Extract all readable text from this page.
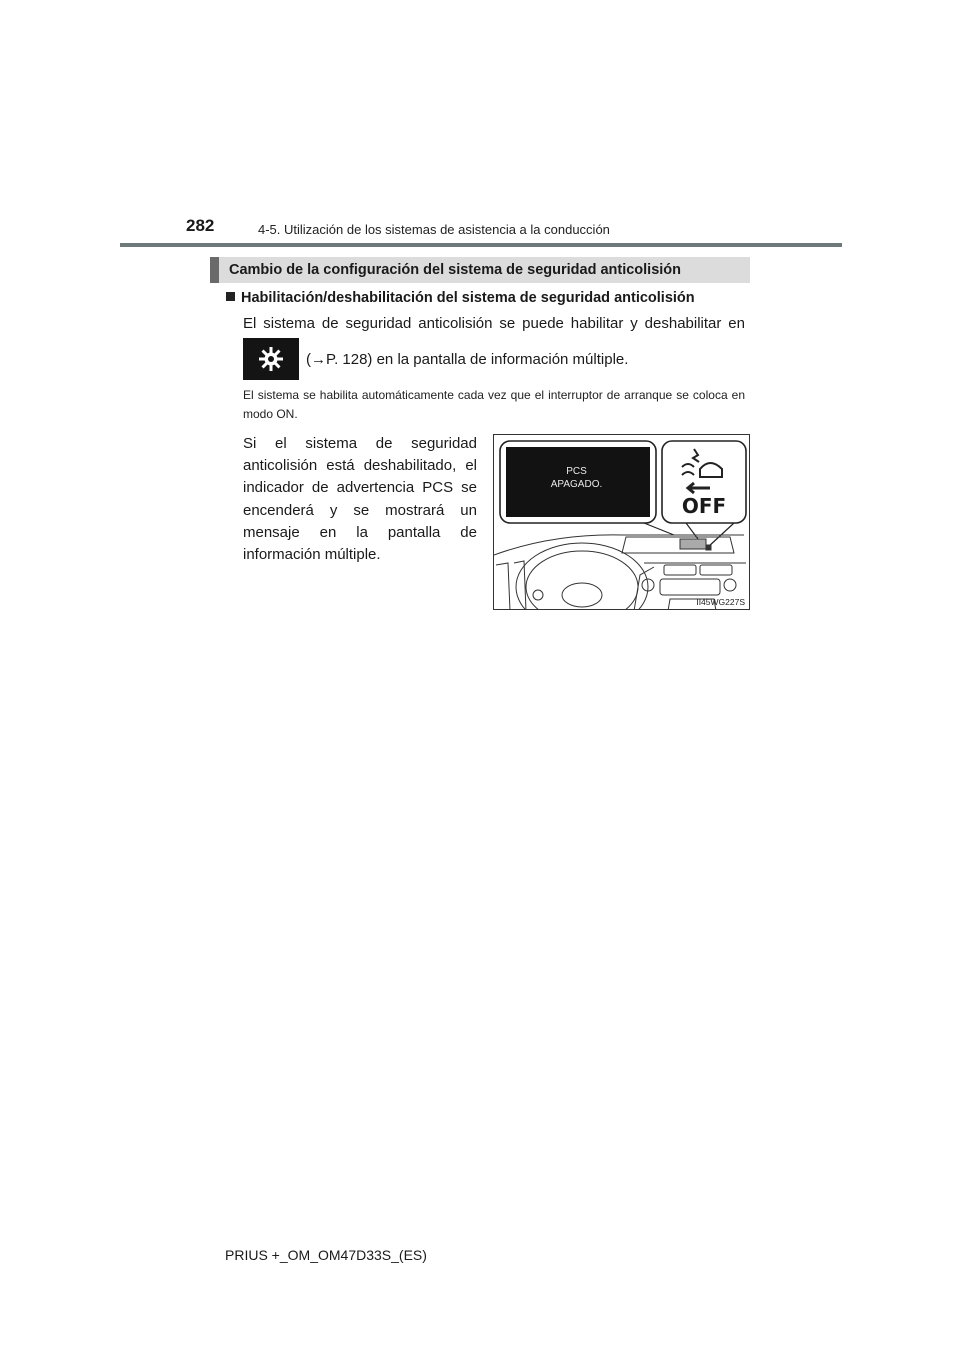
282	4-5. Utilización de los sistemas de asistencia a la conducción
Cambio de la configuración del sistema de seguridad anticolisión
Habilitación/deshabilitación del sistema de seguridad anticolisión
El sistema de seguridad anticolisión se puede habilitar y deshabilitar en
(→P. 128) en la pantalla de información múltiple.
El sistema se habilita automáticamente cada vez que el interruptor de arranque se coloca en modo ON.
Si el sistema de seguridad anticolisión está deshabilitado, el indicador de advertencia PCS se encenderá y se mostrará un mensaje en la pantalla de información múltiple.
OFF
PCS
APAGADO.
II45WG227S
PRIUS +_OM_OM47D33S_(ES)
